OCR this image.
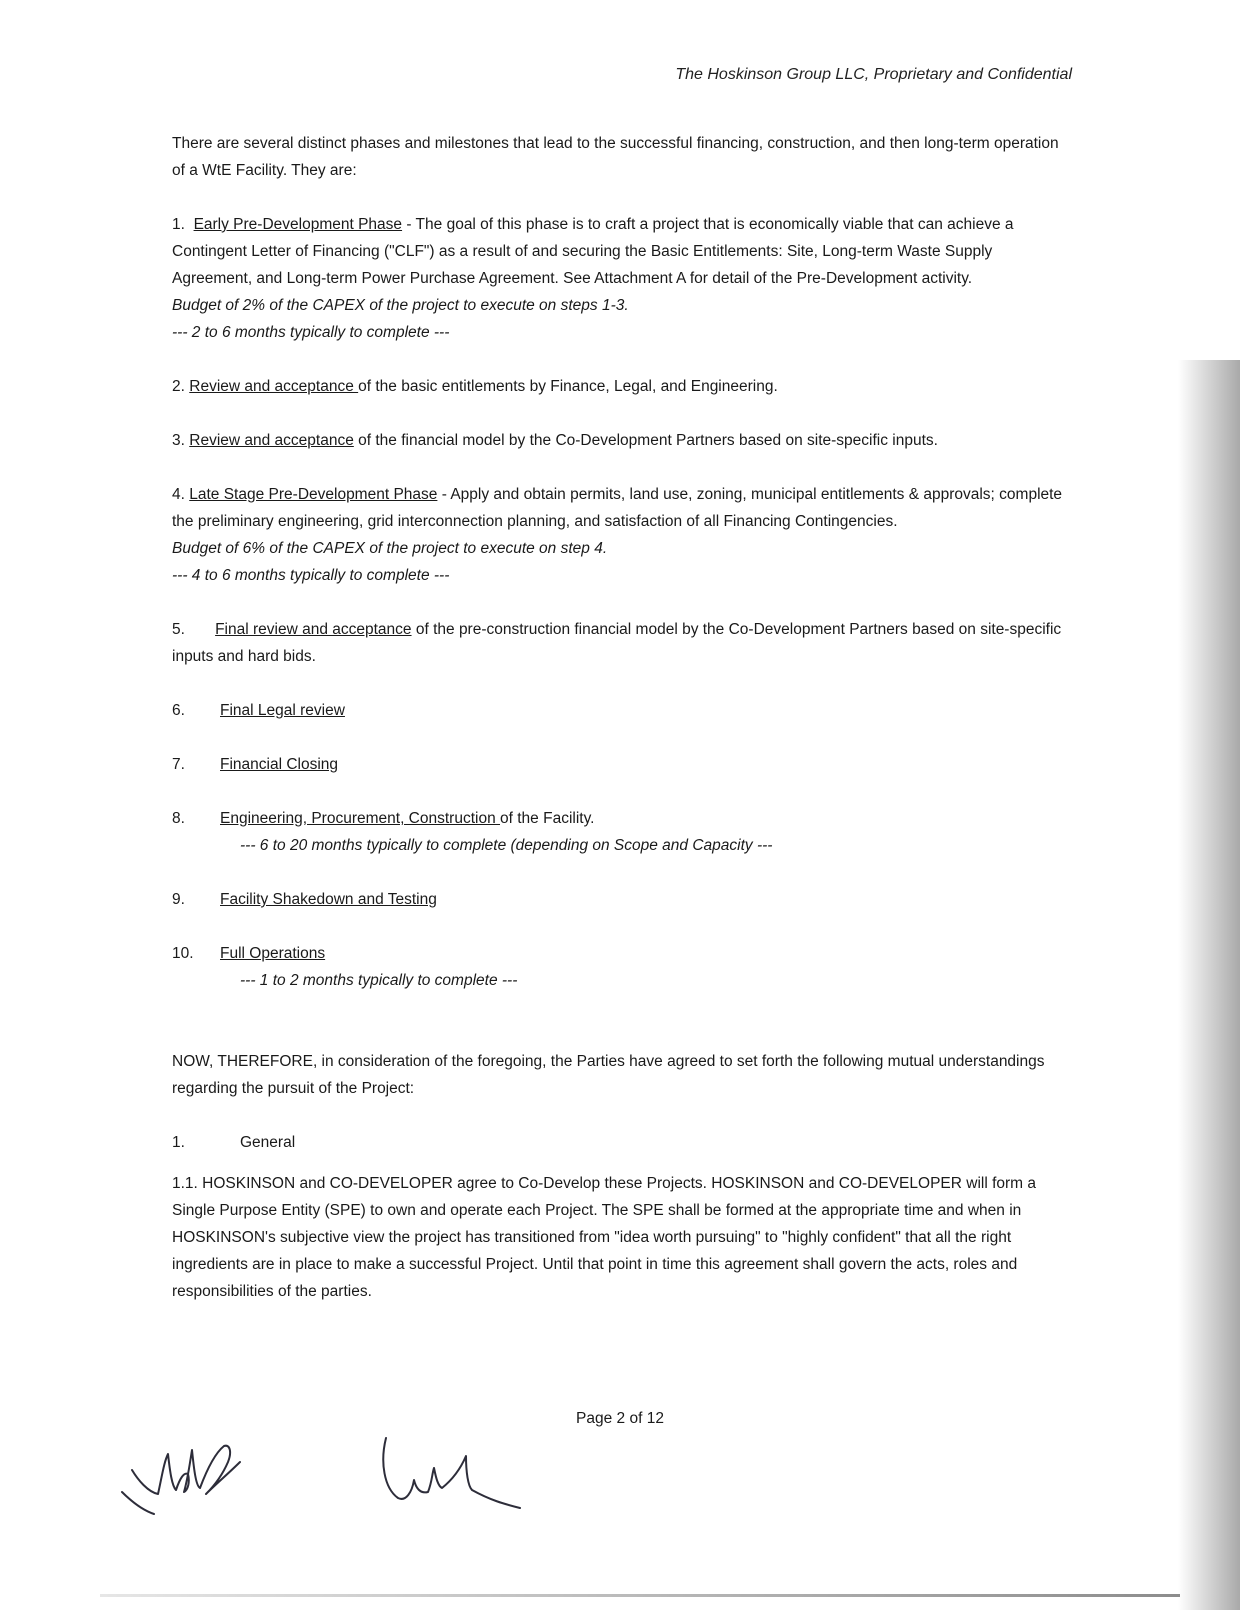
The Hoskinson Group LLC, Proprietary and Confidential

There are several distinct phases and milestones that lead to the successful financing, construction, and then long-term operation of a WtE Facility. They are:

1. Early Pre-Development Phase - The goal of this phase is to craft a project that is economically viable that can achieve a Contingent Letter of Financing ("CLF") as a result of and securing the Basic Entitlements: Site, Long-term Waste Supply Agreement, and Long-term Power Purchase Agreement. See Attachment A for detail of the Pre-Development activity.

Budget of 2% of the CAPEX of the project to execute on steps 1-3.

--- 2 to 6 months typically to complete ---

2. Review and acceptance of the basic entitlements by Finance, Legal, and Engineering.

3. Review and acceptance of the financial model by the Co-Development Partners based on site-specific inputs.

4. Late Stage Pre-Development Phase - Apply and obtain permits, land use, zoning, municipal entitlements & approvals; complete the preliminary engineering, grid interconnection planning, and satisfaction of all Financing Contingencies.

Budget of 6% of the CAPEX of the project to execute on step 4.

--- 4 to 6 months typically to complete ---

5. Final review and acceptance of the pre-construction financial model by the Co-Development Partners based on site-specific inputs and hard bids.

6.	Final Legal review
7.	Financial Closing
8.	Engineering, Procurement, Construction of the Facility.

--- 6 to 20 months typically to complete (depending on Scope and Capacity ---

9.	Facility Shakedown and Testing
10.	Full Operations

--- 1 to 2 months typically to complete ---

NOW, THEREFORE, in consideration of the foregoing, the Parties have agreed to set forth the following mutual understandings regarding the pursuit of the Project:

1.	General

1.1. HOSKINSON and CO-DEVELOPER agree to Co-Develop these Projects. HOSKINSON and CO-DEVELOPER will form a Single Purpose Entity (SPE) to own and operate each Project. The SPE shall be formed at the appropriate time and when in HOSKINSON's subjective view the project has transitioned from "idea worth pursuing" to "highly confident" that all the right ingredients are in place to make a successful Project. Until that point in time this agreement shall govern the acts, roles and responsibilities of the parties.

Page 2 of 12
